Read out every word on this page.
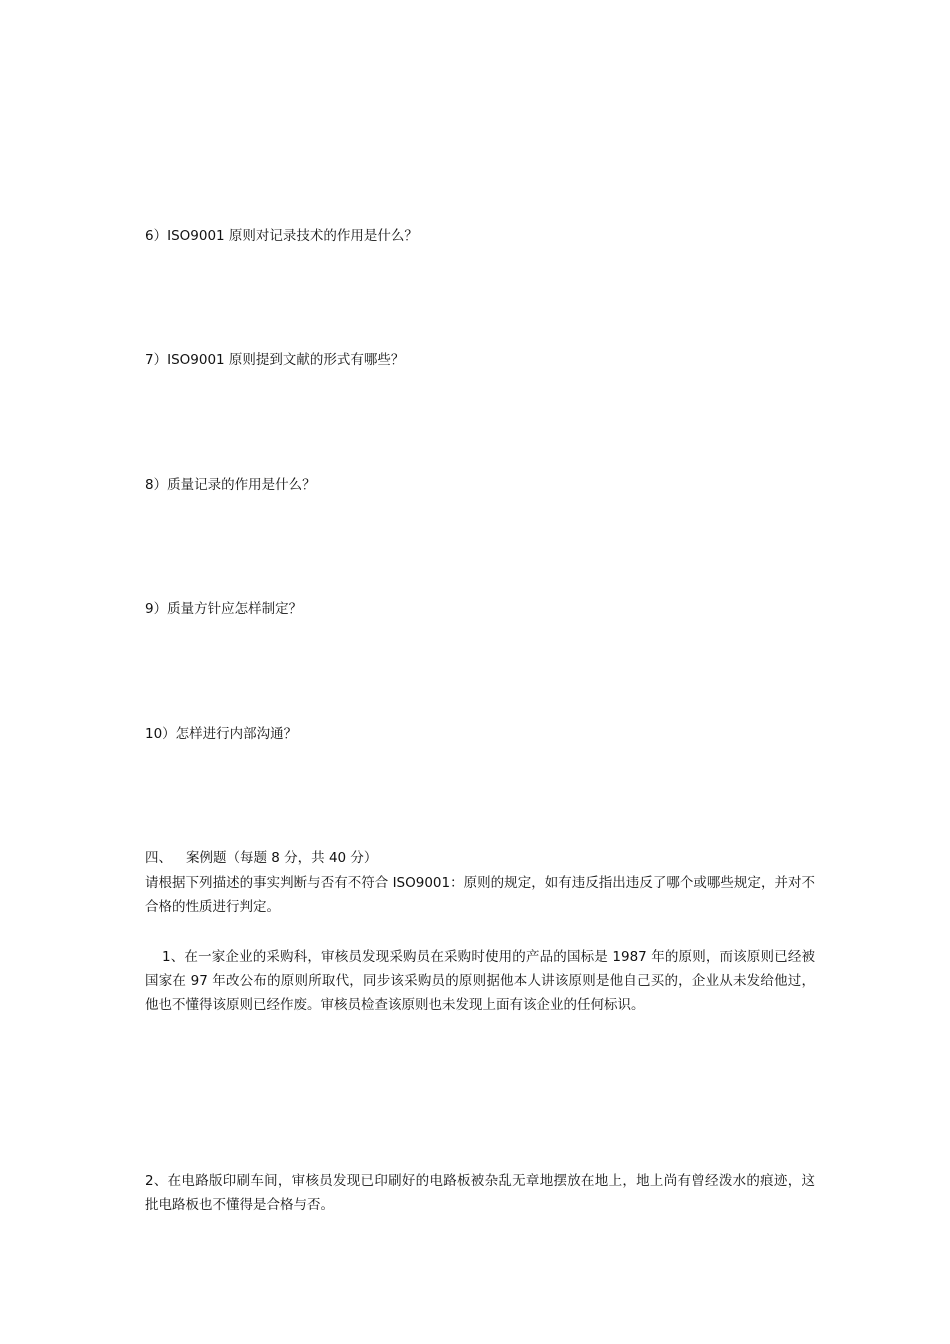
6）ISO9001 原则对记录技术的作用是什么？
7）ISO9001 原则提到文献的形式有哪些？
8）质量记录的作用是什么？
9）质量方针应怎样制定？
10）怎样进行内部沟通？
四、 案例题（每题 8 分，共 40 分）
请根据下列描述的事实判断与否有不符合 ISO9001：原则的规定，如有违反指出违反了哪个或哪些规定，并对不合格的性质进行判定。
1、在一家企业的采购科，审核员发现采购员在采购时使用的产品的国标是 1987 年的原则，而该原则已经被国家在 97 年改公布的原则所取代，同步该采购员的原则据他本人讲该原则是他自己买的，企业从未发给他过，他也不懂得该原则已经作废。审核员检查该原则也未发现上面有该企业的任何标识。
2、在电路版印刷车间，审核员发现已印刷好的电路板被杂乱无章地摆放在地上，地上尚有曾经泼水的痕迹，这批电路板也不懂得是合格与否。
